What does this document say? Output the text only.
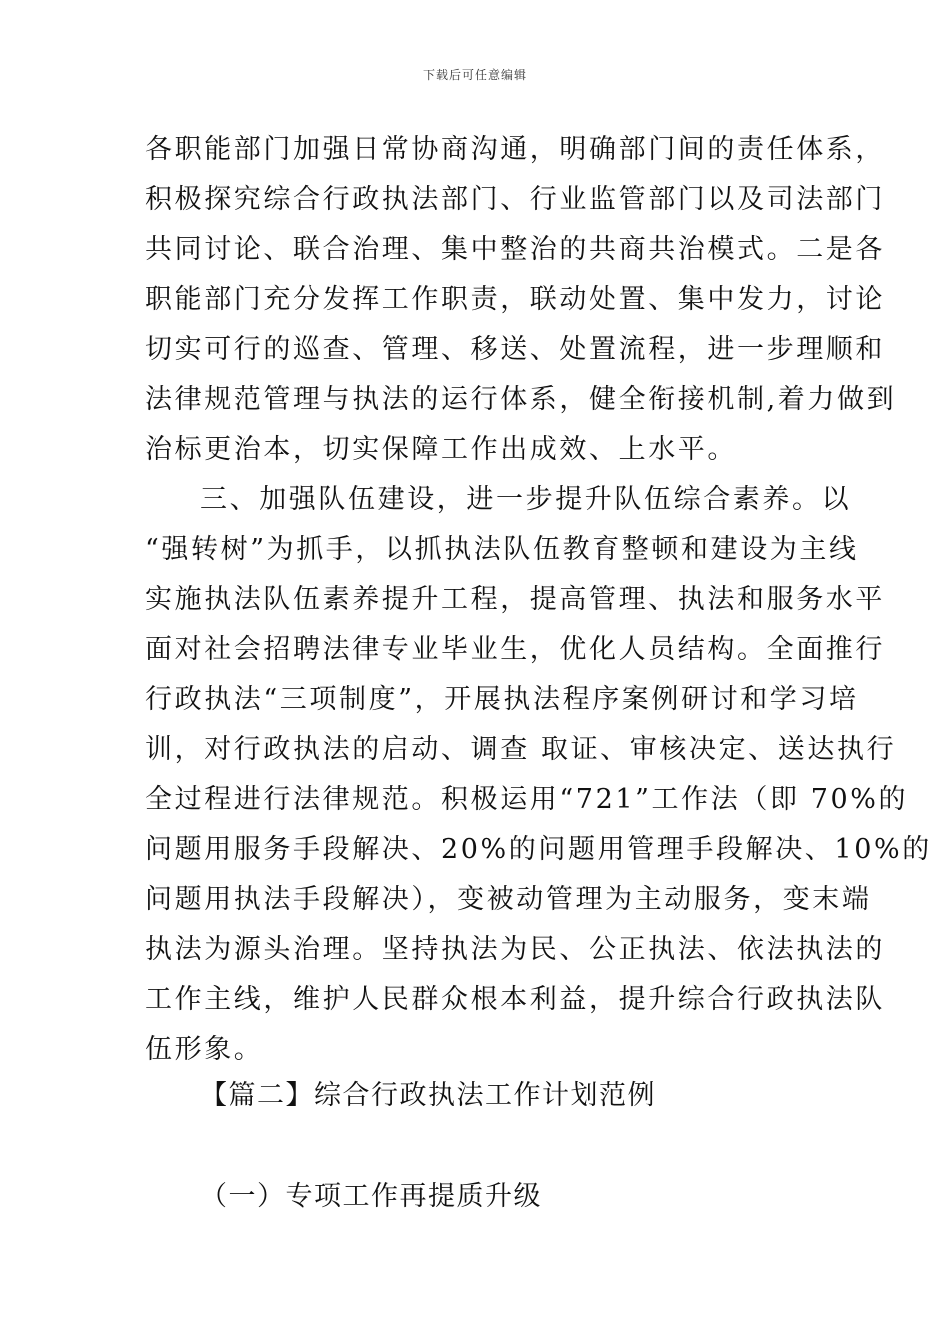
下载后可任意编辑
各职能部门加强日常协商沟通，明确部门间的责任体系，
积极探究综合行政执法部门、行业监管部门以及司法部门
共同讨论、联合治理、集中整治的共商共治模式。二是各
职能部门充分发挥工作职责，联动处置、集中发力，讨论
切实可行的巡查、管理、移送、处置流程，进一步理顺和
法律规范管理与执法的运行体系，健全衔接机制,着力做到
治标更治本，切实保障工作出成效、上水平。
三、加强队伍建设，进一步提升队伍综合素养。以
“强转树”为抓手，以抓执法队伍教育整顿和建设为主线
实施执法队伍素养提升工程，提高管理、执法和服务水平
面对社会招聘法律专业毕业生，优化人员结构。全面推行
行政执法“三项制度”，开展执法程序案例研讨和学习培
训，对行政执法的启动、调查 取证、审核决定、送达执行
全过程进行法律规范。积极运用“721”工作法（即 70%的
问题用服务手段解决、20%的问题用管理手段解决、10%的
问题用执法手段解决），变被动管理为主动服务，变末端
执法为源头治理。坚持执法为民、公正执法、依法执法的
工作主线，维护人民群众根本利益，提升综合行政执法队
伍形象。
【篇二】综合行政执法工作计划范例
（一）专项工作再提质升级
